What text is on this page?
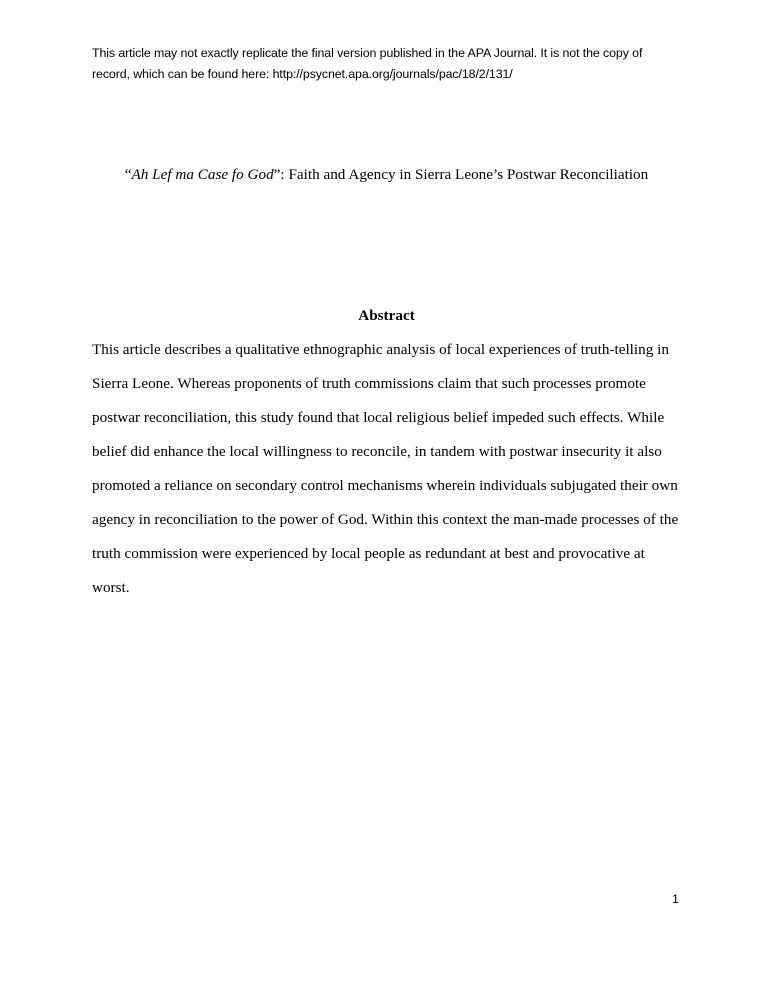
This article may not exactly replicate the final version published in the APA Journal. It is not the copy of
record, which can be found here: http://psycnet.apa.org/journals/pac/18/2/131/
“Ah Lef ma Case fo God”: Faith and Agency in Sierra Leone’s Postwar Reconciliation
Abstract
This article describes a qualitative ethnographic analysis of local experiences of truth-telling in
Sierra Leone. Whereas proponents of truth commissions claim that such processes promote
postwar reconciliation, this study found that local religious belief impeded such effects. While
belief did enhance the local willingness to reconcile, in tandem with postwar insecurity it also
promoted a reliance on secondary control mechanisms wherein individuals subjugated their own
agency in reconciliation to the power of God. Within this context the man-made processes of the
truth commission were experienced by local people as redundant at best and provocative at
worst.
1
